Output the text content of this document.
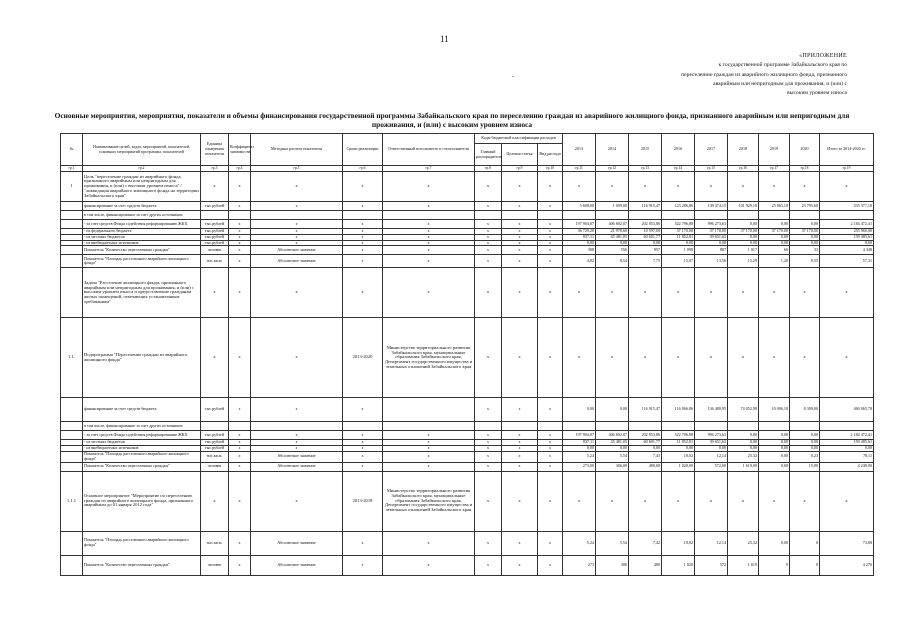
11
-
«ПРИЛОЖЕНИЕ
к государственной программе Забайкальского края по
переселению граждан из аварийного жилищного фонда, признанного
аварийным или непригодным для проживания, и (или) с
высоким уровнем износа
Основные мероприятия, мероприятия, показатели и объемы финансирования государственной программы Забайкальского края по переселению граждан из аварийного жилищного фонда, признанного аварийным или непригодным для проживания, и (или) с высоким уровнем износа
№	Наименование целей, задач, мероприятий, показателей, основных мероприятий программы, показателей	Единица измерения показателя	Коэффициент значимости	Методика расчета показателя	Сроки реализации	Ответственный исполнитель и соисполнители	Коды бюджетной классификации расходов			2013	2014	2015	2016	2017	2018	2019	2020	Итого за 2014-2020 гг.
							Главный распорядитель	Целевая статья	Вид расхода									
гр.1	гр.2	гр.3	гр.4	гр.5	гр.6	гр.7	гр.8	гр.9	гр.10	гр.11	гр.12	гр.13	гр.14	гр.15	гр.16	гр.17	гр.18	гр.19
1	Цель "переселение граждан из аварийного фонда, признанного аварийным или непригодным для проживания, и (или) с высоким уровнем износа" / "ликвидация аварийного жилищного фонда на территории Забайкальского края"	х	х	х	х	х	х	х	х	х	х	х	х	х	х	х	х	х
	финансирование за счет средств бюджета	тыс.рублей	х	х	х	х	х	х	х	5 608,00	1 009,00	116 915,47	123 286,86	139 374,15	101 929,18	25 065,18	23 795,60	535 377,18
	в том числе, финансирование за счет других источников:																	
	- за счет средств Фонда содействия реформированию ЖКХ	тыс.рублей	х	х	х	х	х	х	х	197 904,07	406 692,07	202 853,86	522 796,88	996 273,63	0,00	0,00	0,00	2 184 472,41
	- из федерального бюджета	тыс.рублей	х	х	х	х	х	х	х	36 729,20	21 978,60	10 597,00	37 170,00	37 170,00	37 170,00	37 170,00	37 170,00	255 960,00
	- из местных бюджетов	тыс.рублей	х	х	х	х	х	х	х	837,11	45 481,05	60 601,77	11 852,81	39 651,63	0,00	0,00	0,00	159 485,61
	- из внебюджетных источников	тыс.рублей	х	х	х	х	х	х	х	0,00	0,00	0,00	0,00	0,00	0,00	0,00	0,00	0,00
	Показатель "Количество переселенных граждан"	человек	х	Абсолютное значение	х	х	х	х	х	308	556	957	1 098	887	1 017	60	33	4 348
	Показатель "Площадь расселенного аварийного жилищного фонда"	тыс.кв.м.	х	Абсолютное значение	х	х	х	х	х	4,82	8,54	7,75	15,07	13,56	15,29	1,20	0,55	57,31
	Задача "Расселение жилищного фонда, признанного аварийным или непригодным для проживания, и (или) с высоким уровнем износа и предоставление гражданам жилых помещений, отвечающих установленным требованиям"	х	х	х	х	х	х	х	х	х	х	х	х	х	х	х	х	х
1.1.	Подпрограмма "Переселение граждан из аварийного жилищного фонда"	х	х	х	2013-2020	Министерство территориального развития Забайкальского края, муниципальные образования Забайкальского края, Департамент государственного имущества и земельных отношений Забайкальского края	х	х	х	х	х	х	х	х	х	х	х	х
	финансирование за счет средств бюджета	тыс.рублей	х	х	х		х	х	х	0,00	0,00	116 915,47	116 066,86	136 480,95	74 052,98	10 006,18	8 390,00	460 065,78
	в том числе, финансирование за счет других источников:																	
	- за счет средств Фонда содействия реформированию ЖКХ	тыс.рублей	х	х	х	х	х	х	х	197 904,07	406 692,07	202 853,86	522 796,88	996 273,63	0,00	0,00	0,00	2 184 472,41
	- из местных бюджетов	тыс.рублей	х	х	х	х	х	х	х	837,11	45 481,05	60 601,77	11 852,81	39 651,63	0,00	0,00	0,00	159 485,61
	- из внебюджетных источников	тыс.рублей	х	х	х	х	х	х	х	0,00	0,00	0,00	0,00	0,00	0,00	0,00	0,00	0,00
	Показатель "Площадь расселенного аварийного жилищного фонда"	тыс.кв.м.	х	Абсолютное значение	х	х	х	х	х	5,24	5,54	7,43	18,02	12,14	25,32	0,00	0,23	78,11
	Показатель "Количество переселенных граждан"	человек	х	Абсолютное значение	х	х	х	х	х	273,00	306,00	480,00	1 020,00	572,00	1 619,00	0,00	15,00	4 249,00
1.1.1	Основное мероприятие "Мероприятие по переселению граждан из аварийного жилищного фонда, признанного аварийным до 01 января 2012 года"	х	х	х	2013-2018	Министерство территориального развития Забайкальского края, муниципальные образования Забайкальского края, Департамент государственного имущества и земельных отношений Забайкальского края	х	х	х	х	х	х	х	х	х	х	х	х
	Показатель "Площадь расселенного аварийного жилищного фонда"	тыс.кв.м.	х	Абсолютное значение	х	х	х	х	х	5,24	5,54	7,42	18,02	12,14	25,32	0,00	0	73,68
	Показатель "Количество переселенных граждан"	человек	х	Абсолютное значение	х	х	х	х	х	273	306	480	1 020	572	1 619	0	0	4 270
